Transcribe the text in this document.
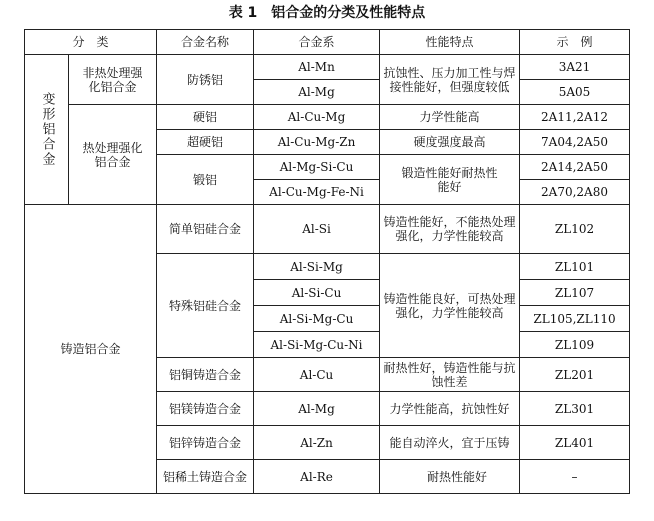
表 1　铝合金的分类及性能特点
分　类		合金名称	合金系	性能特点	示　例

变形铝合金	非热处理强化铝合金	防锈铝	Al-Mn	抗蚀性、压力加工性与焊接性能好，但强度较低	3A21
			Al-Mg		5A05
	热处理强化铝合金	硬铝	Al-Cu-Mg	力学性能高	2A11,2A12
		超硬铝	Al-Cu-Mg-Zn	硬度强度最高	7A04,2A50
		锻铝	Al-Mg-Si-Cu	锻造性能好耐热性能好	2A14,2A50
			Al-Cu-Mg-Fe-Ni		2A70,2A80
铸造铝合金		简单铝硅合金	Al-Si	铸造性能好，不能热处理强化，力学性能较高	ZL102
		特殊铝硅合金	Al-Si-Mg	铸造性能良好，可热处理强化，力学性能较高	ZL101
			Al-Si-Cu		ZL107
			Al-Si-Mg-Cu		ZL105,ZL110
			Al-Si-Mg-Cu-Ni		ZL109
		铝铜铸造合金	Al-Cu	耐热性好，铸造性能与抗蚀性差	ZL201
		铝镁铸造合金	Al-Mg	力学性能高，抗蚀性好	ZL301
		铝锌铸造合金	Al-Zn	能自动淬火，宜于压铸	ZL401
		铝稀土铸造合金	Al-Re	耐热性能好	–
